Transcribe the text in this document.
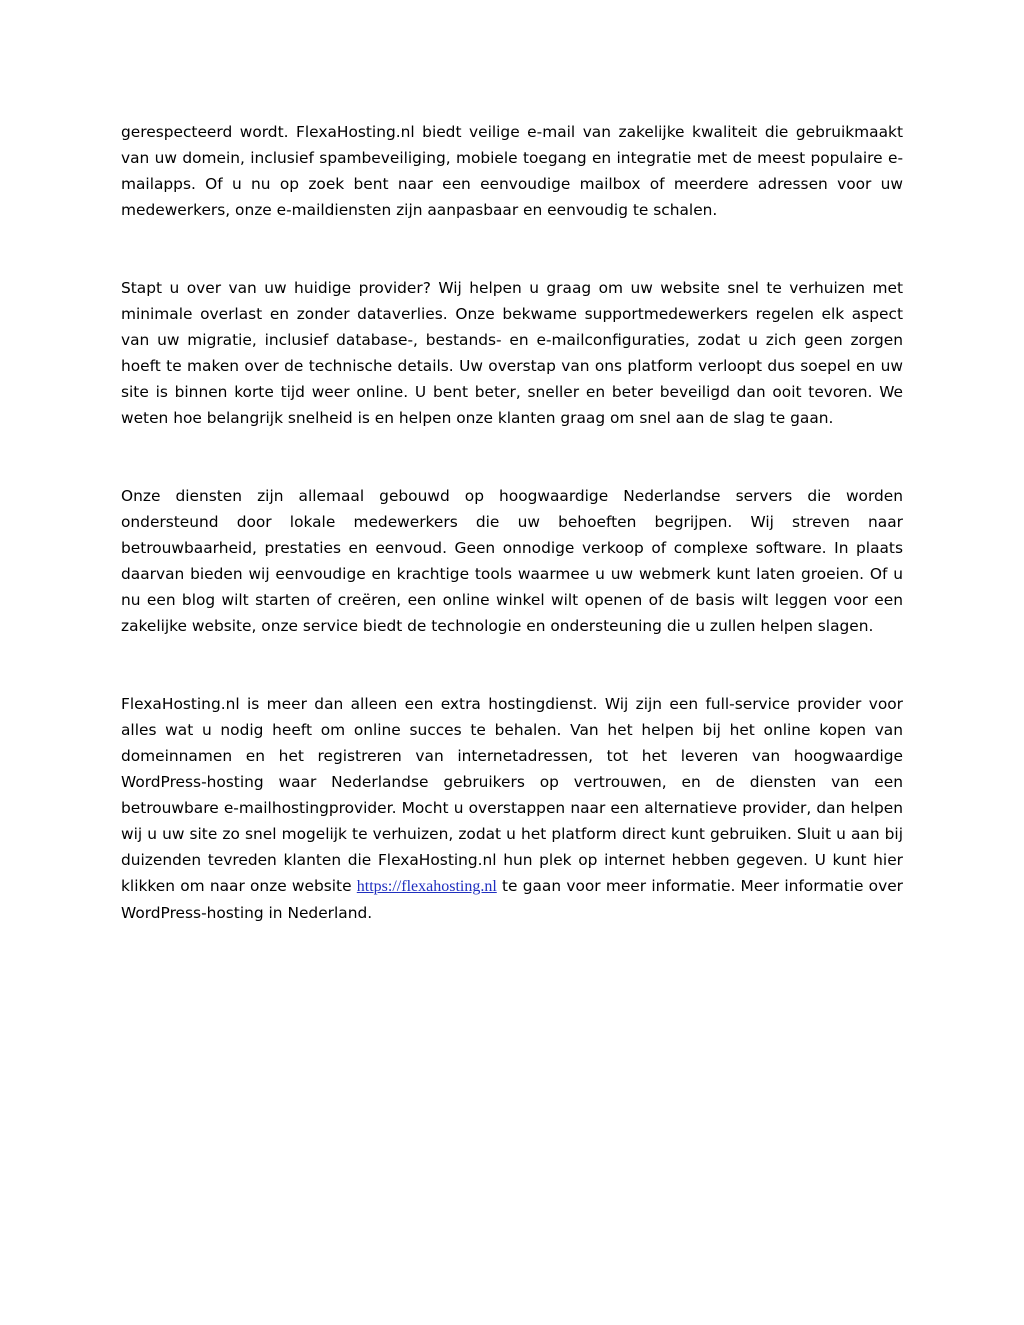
gerespecteerd wordt. FlexaHosting.nl biedt veilige e-mail van zakelijke kwaliteit die gebruikmaakt van uw domein, inclusief spambeveiliging, mobiele toegang en integratie met de meest populaire e-mailapps. Of u nu op zoek bent naar een eenvoudige mailbox of meerdere adressen voor uw medewerkers, onze e-maildiensten zijn aanpasbaar en eenvoudig te schalen.

Stapt u over van uw huidige provider? Wij helpen u graag om uw website snel te verhuizen met minimale overlast en zonder dataverlies. Onze bekwame supportmedewerkers regelen elk aspect van uw migratie, inclusief database-, bestands- en e-mailconfiguraties, zodat u zich geen zorgen hoeft te maken over de technische details. Uw overstap van ons platform verloopt dus soepel en uw site is binnen korte tijd weer online. U bent beter, sneller en beter beveiligd dan ooit tevoren. We weten hoe belangrijk snelheid is en helpen onze klanten graag om snel aan de slag te gaan.

Onze diensten zijn allemaal gebouwd op hoogwaardige Nederlandse servers die worden ondersteund door lokale medewerkers die uw behoeften begrijpen. Wij streven naar betrouwbaarheid, prestaties en eenvoud. Geen onnodige verkoop of complexe software. In plaats daarvan bieden wij eenvoudige en krachtige tools waarmee u uw webmerk kunt laten groeien. Of u nu een blog wilt starten of creëren, een online winkel wilt openen of de basis wilt leggen voor een zakelijke website, onze service biedt de technologie en ondersteuning die u zullen helpen slagen.

FlexaHosting.nl is meer dan alleen een extra hostingdienst. Wij zijn een full-service provider voor alles wat u nodig heeft om online succes te behalen. Van het helpen bij het online kopen van domeinnamen en het registreren van internetadressen, tot het leveren van hoogwaardige WordPress-hosting waar Nederlandse gebruikers op vertrouwen, en de diensten van een betrouwbare e-mailhostingprovider. Mocht u overstappen naar een alternatieve provider, dan helpen wij u uw site zo snel mogelijk te verhuizen, zodat u het platform direct kunt gebruiken. Sluit u aan bij duizenden tevreden klanten die FlexaHosting.nl hun plek op internet hebben gegeven. U kunt hier klikken om naar onze website https://flexahosting.nl te gaan voor meer informatie. Meer informatie over WordPress-hosting in Nederland.
